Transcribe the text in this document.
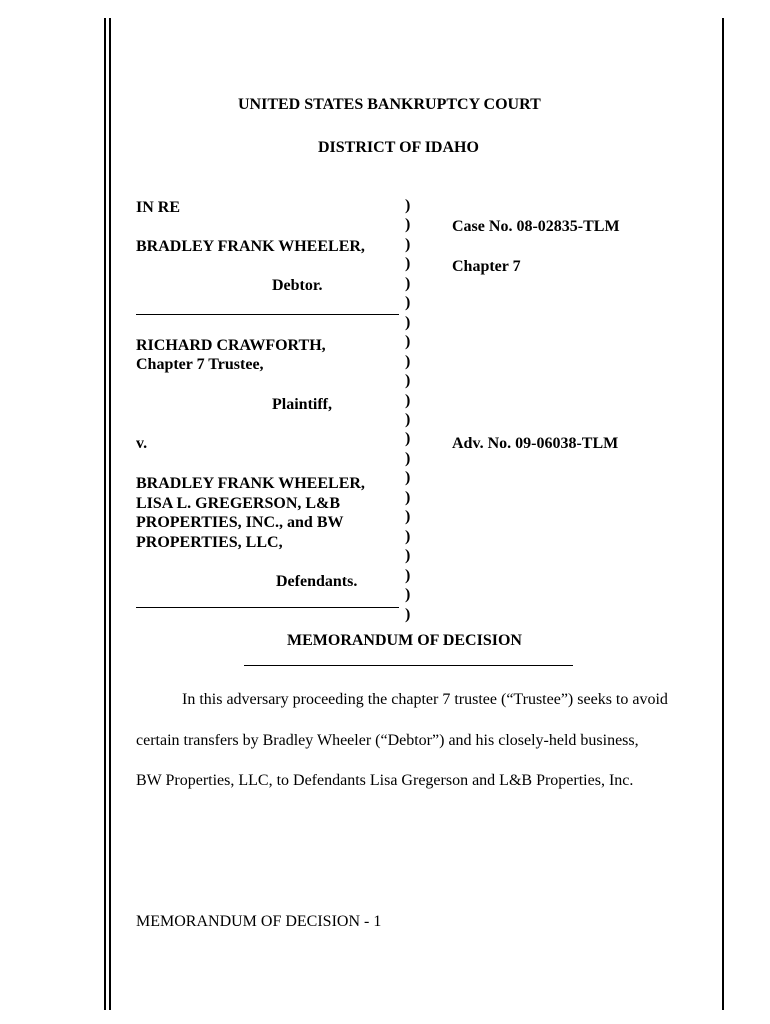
UNITED STATES BANKRUPTCY COURT
DISTRICT OF IDAHO
IN RE
BRADLEY FRANK WHEELER,
Debtor.
RICHARD CRAWFORTH,
Chapter 7 Trustee,
Plaintiff,
v.
BRADLEY FRANK WHEELER,
LISA L. GREGERSON, L&B
PROPERTIES, INC., and BW
PROPERTIES, LLC,
Defendants.
)
)
)
)
)
)
)
)
)
)
)
)
)
)
)
)
)
)
)
)
)
)
Case No. 08-02835-TLM
Chapter 7
Adv. No. 09-06038-TLM
MEMORANDUM OF DECISION
In this adversary proceeding the chapter 7 trustee (“Trustee”) seeks to avoid
certain transfers by Bradley Wheeler (“Debtor”) and his closely-held business,
BW Properties, LLC, to Defendants Lisa Gregerson and L&B Properties, Inc.
MEMORANDUM OF DECISION - 1
